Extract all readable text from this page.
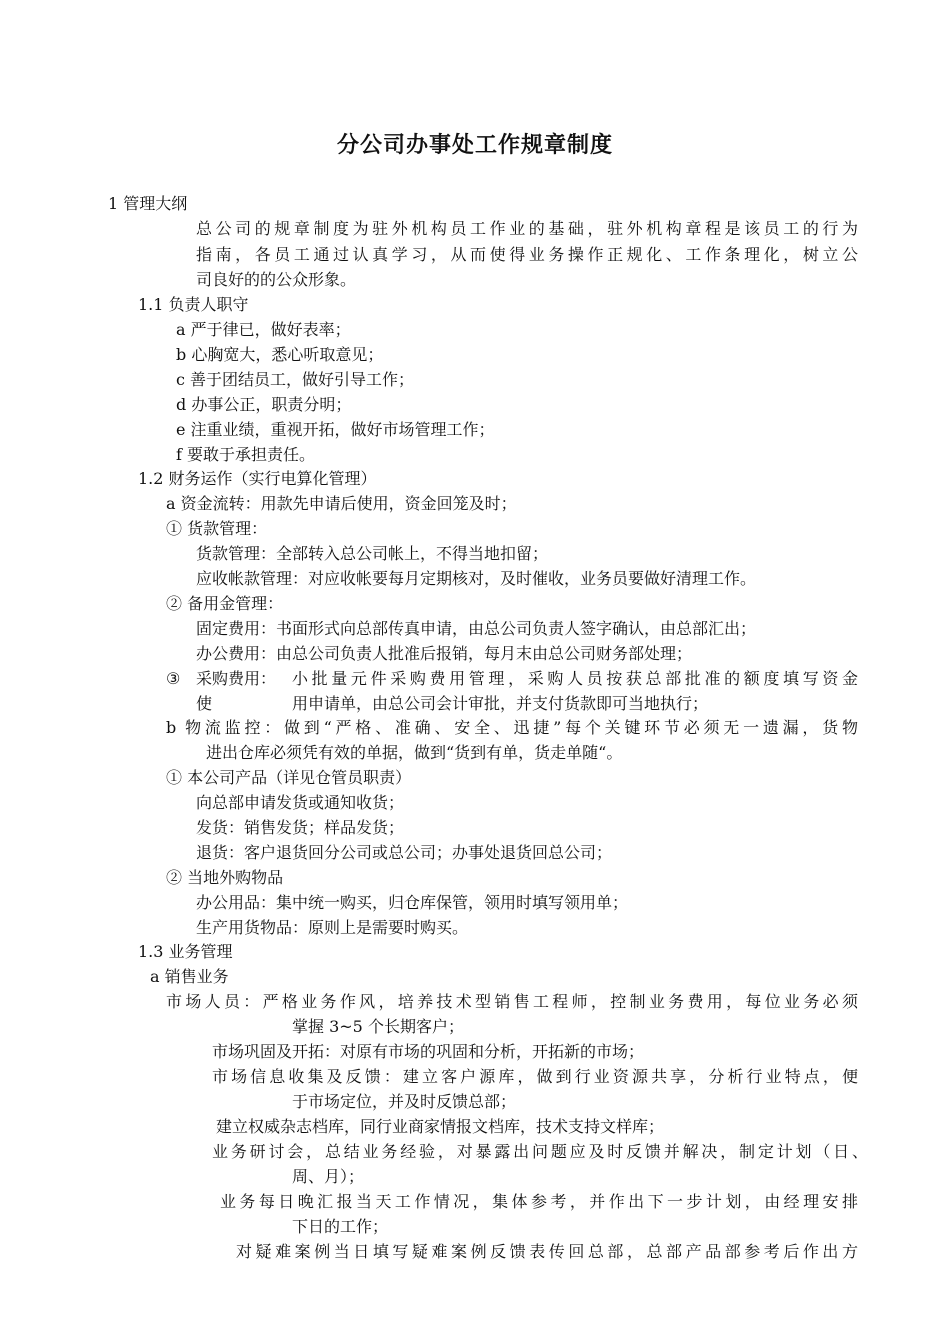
分公司办事处工作规章制度

1 管理大纲

总公司的规章制度为驻外机构员工作业的基础，驻外机构章程是该员工的行为

指南，各员工通过认真学习，从而使得业务操作正规化、工作条理化，树立公

司良好的的公众形象。

1.1 负责人职守

a 严于律已，做好表率；

b 心胸宽大，悉心听取意见；

c 善于团结员工，做好引导工作；

d 办事公正，职责分明；

e 注重业绩，重视开拓，做好市场管理工作；

f 要敢于承担责任。

1.2 财务运作（实行电算化管理）

a 资金流转：用款先申请后使用，资金回笼及时；

① 货款管理：

货款管理：全部转入总公司帐上，不得当地扣留；

应收帐款管理：对应收帐要每月定期核对，及时催收，业务员要做好清理工作。

② 备用金管理：

固定费用：书面形式向总部传真申请，由总公司负责人签字确认，由总部汇出；

办公费用：由总公司负责人批准后报销，每月末由总公司财务部处理；

③ 采购费用：

使

小批量元件采购费用管理，采购人员按获总部批准的额度填写资金

用申请单，由总公司会计审批，并支付货款即可当地执行；

b 物流监控：做到“严格、准确、安全、迅捷”每个关键环节必须无一遗漏，货物

进出仓库必须凭有效的单据，做到“货到有单，货走单随“。

① 本公司产品（详见仓管员职责）

向总部申请发货或通知收货；

发货：销售发货；样品发货；

退货：客户退货回分公司或总公司；办事处退货回总公司；

② 当地外购物品

办公用品：集中统一购买，归仓库保管，领用时填写领用单；

生产用货物品：原则上是需要时购买。

1.3 业务管理

a 销售业务

市场人员：严格业务作风，培养技术型销售工程师，控制业务费用，每位业务必须

掌握 3~5 个长期客户；

市场巩固及开拓：对原有市场的巩固和分析，开拓新的市场；

市场信息收集及反馈：建立客户源库，做到行业资源共享，分析行业特点，便

于市场定位，并及时反馈总部；

建立权威杂志档库，同行业商家情报文档库，技术支持文样库；

业务研讨会，总结业务经验，对暴露出问题应及时反馈并解决，制定计划（日、

周、月）；

业务每日晚汇报当天工作情况，集体参考，并作出下一步计划，由经理安排

下日的工作；

对疑难案例当日填写疑难案例反馈表传回总部，总部产品部参考后作出方
